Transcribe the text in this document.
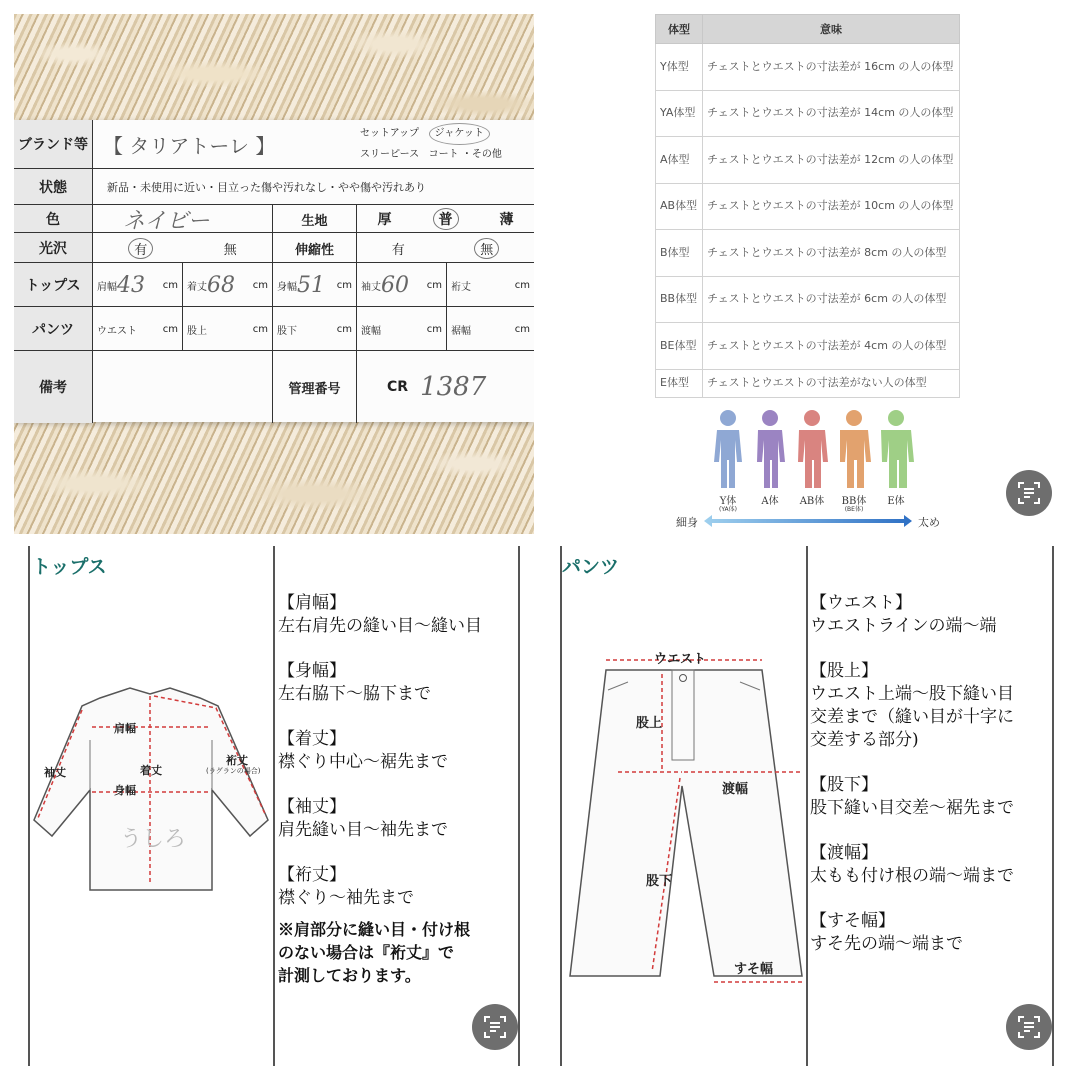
ブランド等 【 タリアトーレ 】	セットアップ ジャケット
スリーピース コート ・その他
状態	新品・未使用に近い・目立った傷や汚れなし・やや傷や汚れあり
色	ネイビー	生地	厚	普	薄
光沢	有	無	伸縮性	有	無
トップス	肩幅 43 cm 着丈 68 cm 身幅 51 cm 袖丈 60 cm 裄丈	cm
パンツ	ウエスト	cm 股上	cm 股下	cm 渡幅	cm 裾幅	cm
備考	管理番号	CR 1387
体型	意味
Y体型	チェストとウエストの寸法差が 16cm の人の体型
YA体型	チェストとウエストの寸法差が 14cm の人の体型
A体型	チェストとウエストの寸法差が 12cm の人の体型
AB体型	チェストとウエストの寸法差が 10cm の人の体型
B体型	チェストとウエストの寸法差が 8cm の人の体型
BB体型	チェストとウエストの寸法差が 6cm の人の体型
BE体型	チェストとウエストの寸法差が 4cm の人の体型
E体型	チェストとウエストの寸法差がない人の体型
Y体
(YA体)
A体	AB体	BB体
(BE体)
E体
細身	太め
トップス
肩幅
着丈
身幅
袖丈
裄丈
(ラグランの場合)
うしろ
【肩幅】
左右肩先の縫い目〜縫い目
【身幅】
左右脇下〜脇下まで
【着丈】
襟ぐり中心〜裾先まで
【袖丈】
肩先縫い目〜袖先まで
【裄丈】
襟ぐり〜袖先まで
※肩部分に縫い目・付け根
のない場合は『裄丈』で
計測しております。
パンツ
ウエスト
股上
渡幅
股下
すそ幅
【ウエスト】
ウエストラインの端〜端
【股上】
ウエスト上端〜股下縫い目
交差まで（縫い目が十字に
交差する部分)
【股下】
股下縫い目交差〜裾先まで
【渡幅】
太もも付け根の端〜端まで
【すそ幅】
すそ先の端〜端まで
